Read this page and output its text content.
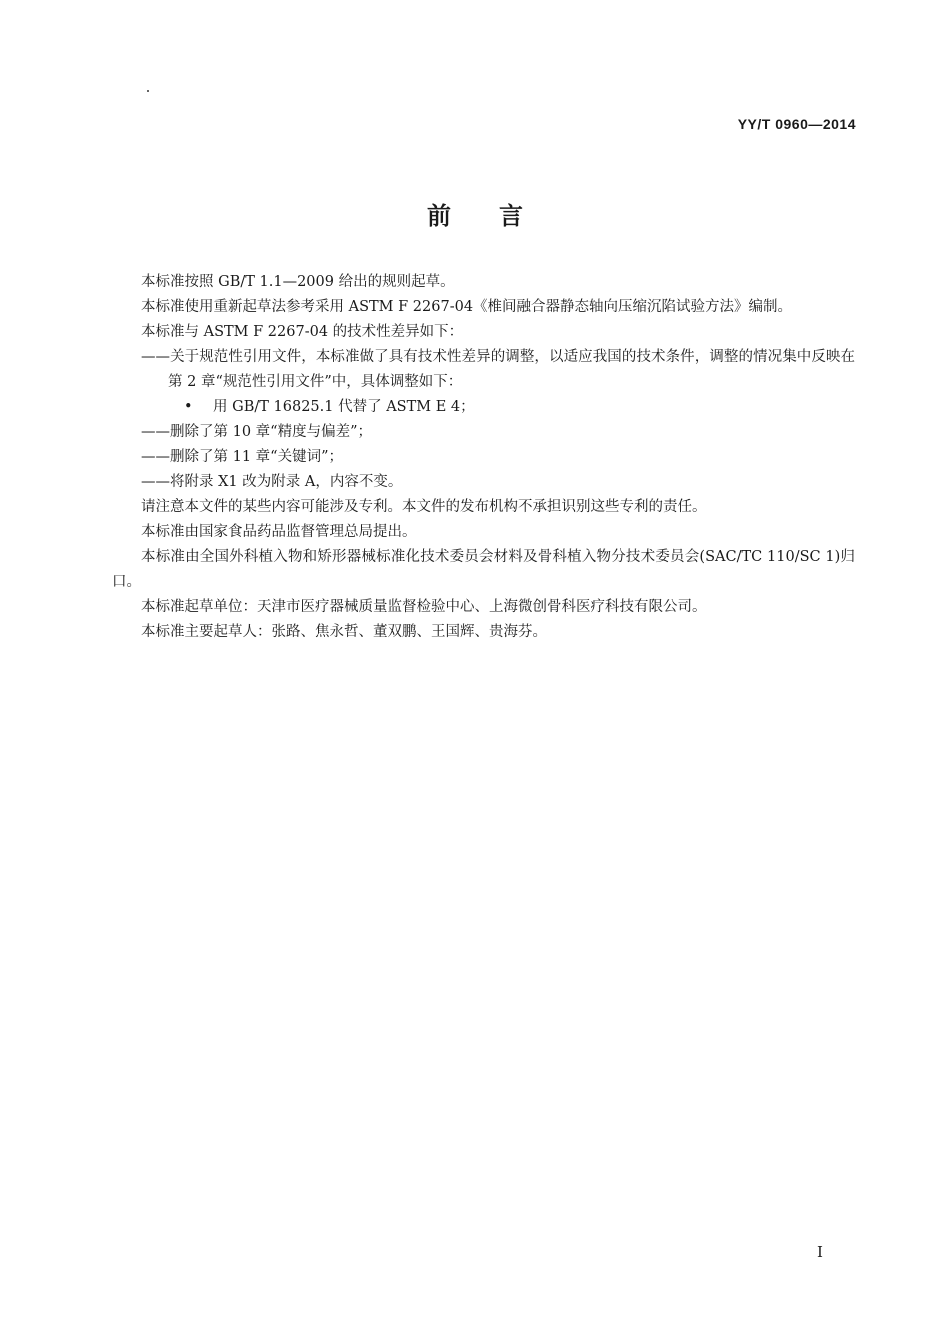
YY/T 0960—2014
前言

本标准按照 GB/T 1.1—2009 给出的规则起草。

本标准使用重新起草法参考采用 ASTM F 2267-04《椎间融合器静态轴向压缩沉陷试验方法》编制。

本标准与 ASTM F 2267-04 的技术性差异如下：

——关于规范性引用文件，本标准做了具有技术性差异的调整，以适应我国的技术条件，调整的情况集中反映在第 2 章“规范性引用文件”中，具体调整如下：

• 用 GB/T 16825.1 代替了 ASTM E 4；

——删除了第 10 章“精度与偏差”；

——删除了第 11 章“关键词”；

——将附录 X1 改为附录 A，内容不变。

请注意本文件的某些内容可能涉及专利。本文件的发布机构不承担识别这些专利的责任。

本标准由国家食品药品监督管理总局提出。

本标准由全国外科植入物和矫形器械标准化技术委员会材料及骨科植入物分技术委员会(SAC/TC 110/SC 1)归口。

本标准起草单位：天津市医疗器械质量监督检验中心、上海微创骨科医疗科技有限公司。

本标准主要起草人：张路、焦永哲、董双鹏、王国辉、贵海芬。

I
